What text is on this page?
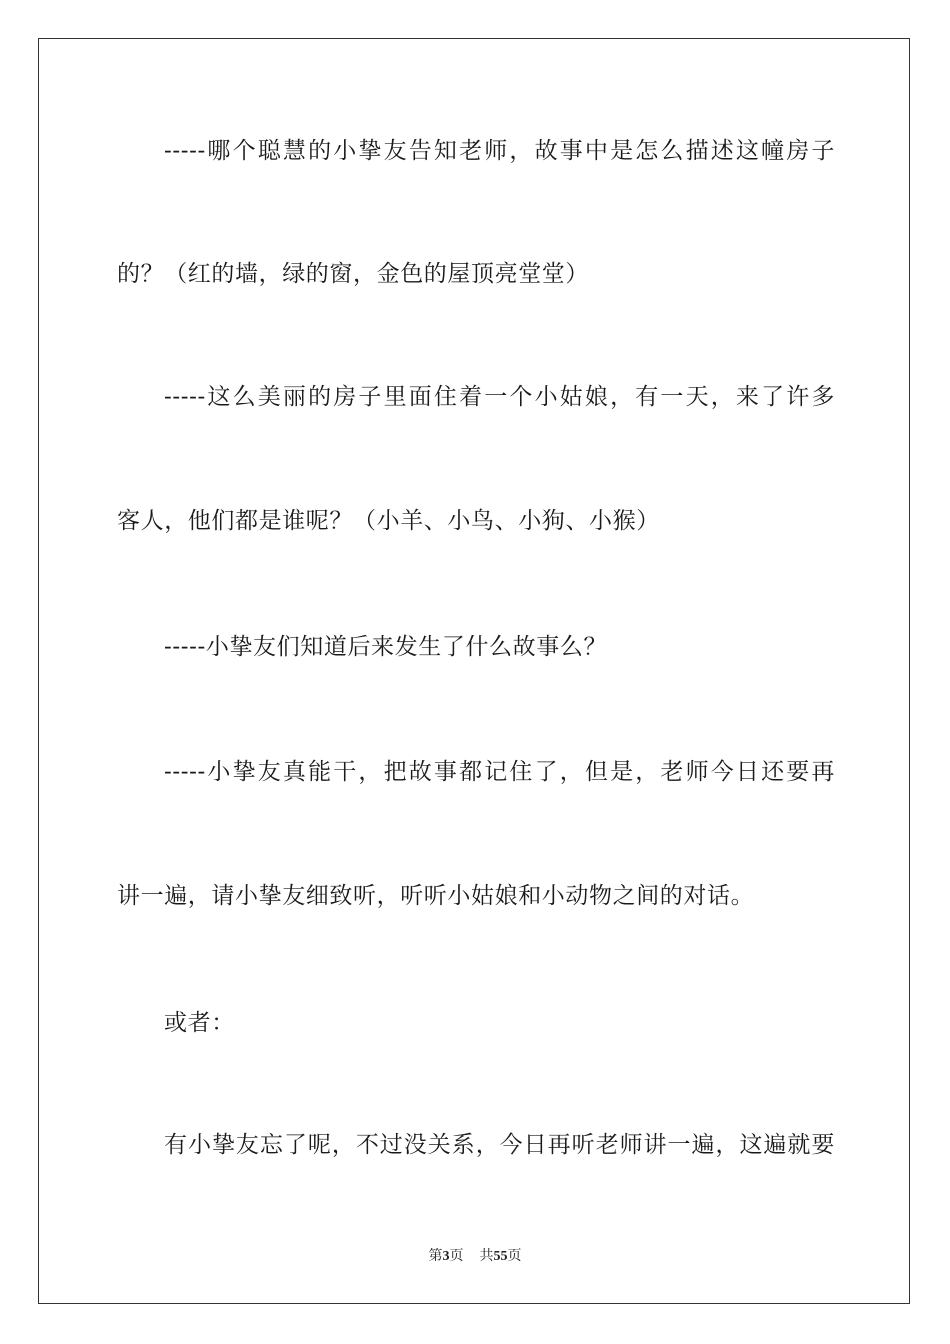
-----哪个聪慧的小挚友告知老师，故事中是怎么描述这幢房子
的？（红的墙，绿的窗，金色的屋顶亮堂堂）
-----这么美丽的房子里面住着一个小姑娘，有一天，来了许多
客人，他们都是谁呢？（小羊、小鸟、小狗、小猴）
-----小挚友们知道后来发生了什么故事么？
-----小挚友真能干，把故事都记住了，但是，老师今日还要再
讲一遍，请小挚友细致听，听听小姑娘和小动物之间的对话。
或者：
有小挚友忘了呢，不过没关系，今日再听老师讲一遍，这遍就要
第3页 共55页
